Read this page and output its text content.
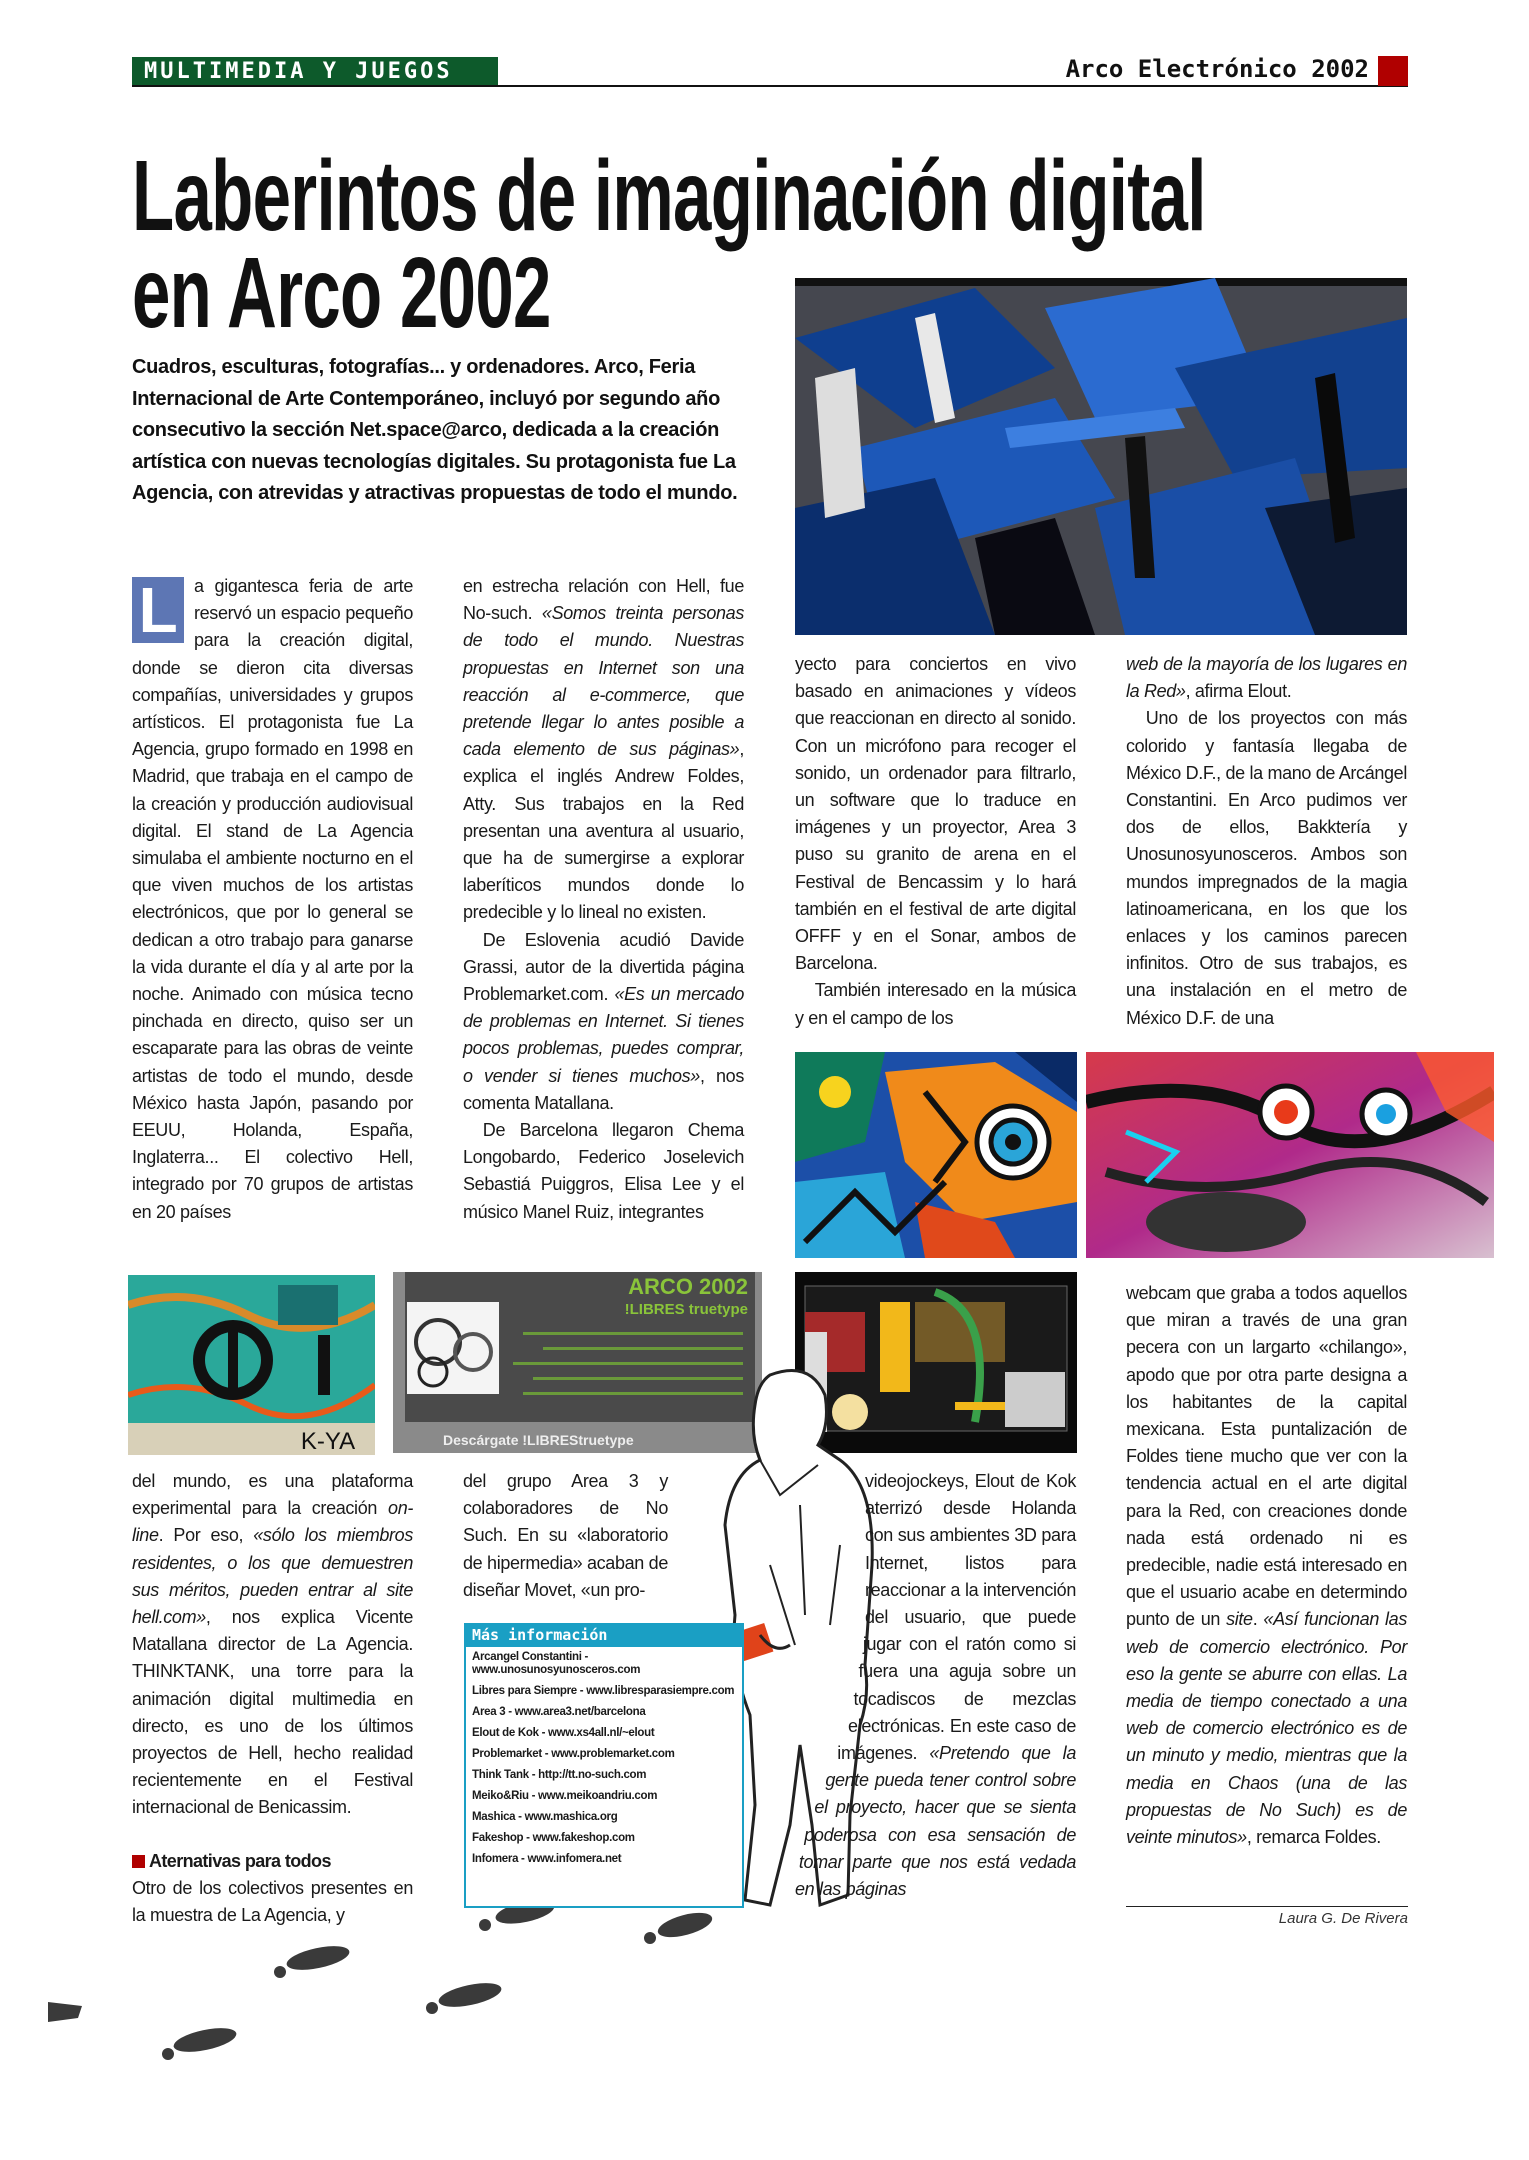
MULTIMEDIA Y JUEGOS	Arco Electrónico 2002
Laberintos de imaginación digital
en Arco 2002
Cuadros, esculturas, fotografías... y ordenadores. Arco, Feria Internacional de Arte Contemporáneo, incluyó por segundo año consecutivo la sección Net.space@arco, dedicada a la creación artística con nuevas tecnologías digitales. Su protagonista fue La Agencia, con atrevidas y atractivas propuestas de todo el mundo.
L a gigantesca feria de arte reservó un espacio pequeño para la creación digital, donde se dieron cita diversas compañías, universidades y grupos artísticos. El protagonista fue La Agencia, grupo formado en 1998 en Madrid, que trabaja en el campo de la creación y producción audiovisual digital. El stand de La Agencia simulaba el ambiente nocturno en el que viven muchos de los artistas electrónicos, que por lo general se dedican a otro trabajo para ganarse la vida durante el día y al arte por la noche. Animado con música tecno pinchada en directo, quiso ser un escaparate para las obras de veinte artistas de todo el mundo, desde México hasta Japón, pasando por EEUU, Holanda, España, Inglaterra... El colectivo Hell, integrado por 70 grupos de artistas en 20 países

en estrecha relación con Hell, fue No-such. «Somos treinta personas de todo el mundo. Nuestras propuestas en Internet son una reacción al e-commerce, que pretende llegar lo antes posible a cada elemento de sus páginas», explica el inglés Andrew Foldes, Atty. Sus trabajos en la Red presentan una aventura al usuario, que ha de sumergirse a explorar laberíticos mundos donde lo predecible y lo lineal no existen.

De Eslovenia acudió Davide Grassi, autor de la divertida página Problemarket.com. «Es un mercado de problemas en Internet. Si tienes pocos problemas, puedes comprar, o vender si tienes muchos», nos comenta Matallana.

De Barcelona llegaron Chema Longobardo, Federico Joselevich Sebastiá Puiggros, Elisa Lee y el músico Manel Ruiz, integrantes

yecto para conciertos en vivo basado en animaciones y vídeos que reaccionan en directo al sonido. Con un micrófono para recoger el sonido, un ordenador para filtrarlo, un software que lo traduce en imágenes y un proyector, Area 3 puso su granito de arena en el Festival de Bencassim y lo hará también en el festival de arte digital OFFF y en el Sonar, ambos de Barcelona.

También interesado en la música y en el campo de los

web de la mayoría de los lugares en la Red», afirma Elout.

Uno de los proyectos con más colorido y fantasía llegaba de México D.F., de la mano de Arcángel Constantini. En Arco pudimos ver dos de ellos, Bakktería y Unosunosyunosceros. Ambos son mundos impregnados de la magia latinoamericana, en los que los enlaces y los caminos parecen infinitos. Otro de sus trabajos, es una instalación en el metro de México D.F. de una

K-YA
ARCO 2002
!LIBRES truetype
Descárgate !LIBREStruetype

webcam que graba a todos aquellos que miran a través de una gran pecera con un largarto «chilango», apodo que por otra parte designa a los habitantes de la capital mexicana. Esta puntalización de Foldes tiene mucho que ver con la tendencia actual en el arte digital para la Red, con creaciones donde nada está ordenado ni es predecible, nadie está interesado en que el usuario acabe en determindo punto de un site. «Así funcionan las web de comercio electrónico. Por eso la gente se aburre con ellas. La media de tiempo conectado a una web de comercio electrónico es de un minuto y medio, mientras que la media en Chaos (una de las propuestas de No Such) es de veinte minutos», remarca Foldes.

del mundo, es una plataforma experimental para la creación on-line. Por eso, «sólo los miembros residentes, o los que demuestren sus méritos, pueden entrar al site hell.com», nos explica Vicente Matallana director de La Agencia. THINKTANK, una torre para la animación digital multimedia en directo, es uno de los últimos proyectos de Hell, hecho realidad recientemente en el Festival internacional de Benicassim.

Aternativas para todos

Otro de los colectivos presentes en la muestra de La Agencia, y

del grupo Area 3 y colaboradores de No Such. En su «laboratorio de hipermedia» acaban de diseñar Movet, «un pro-

Más información
Arcangel Constantini - www.unosunosyunosceros.com
Libres para Siempre - www.libresparasiempre.com
Area 3 - www.area3.net/barcelona
Elout de Kok - www.xs4all.nl/~elout
Problemarket - www.problemarket.com
Think Tank - http://tt.no-such.com
Meiko&Riu - www.meikoandriu.com
Mashica - www.mashica.org
Fakeshop - www.fakeshop.com
Infomera - www.infomera.net

videojockeys, Elout de Kok aterrizó desde Holanda con sus ambientes 3D para Internet, listos para reaccionar a la intervención del usuario, que puede jugar con el ratón como si fuera una aguja sobre un tocadiscos de mezclas electrónicas. En este caso de imágenes. «Pretendo que la gente pueda tener control sobre el proyecto, hacer que se sienta poderosa con esa sensación de tomar parte que nos está vedada en las páginas

Laura G. De Rivera
